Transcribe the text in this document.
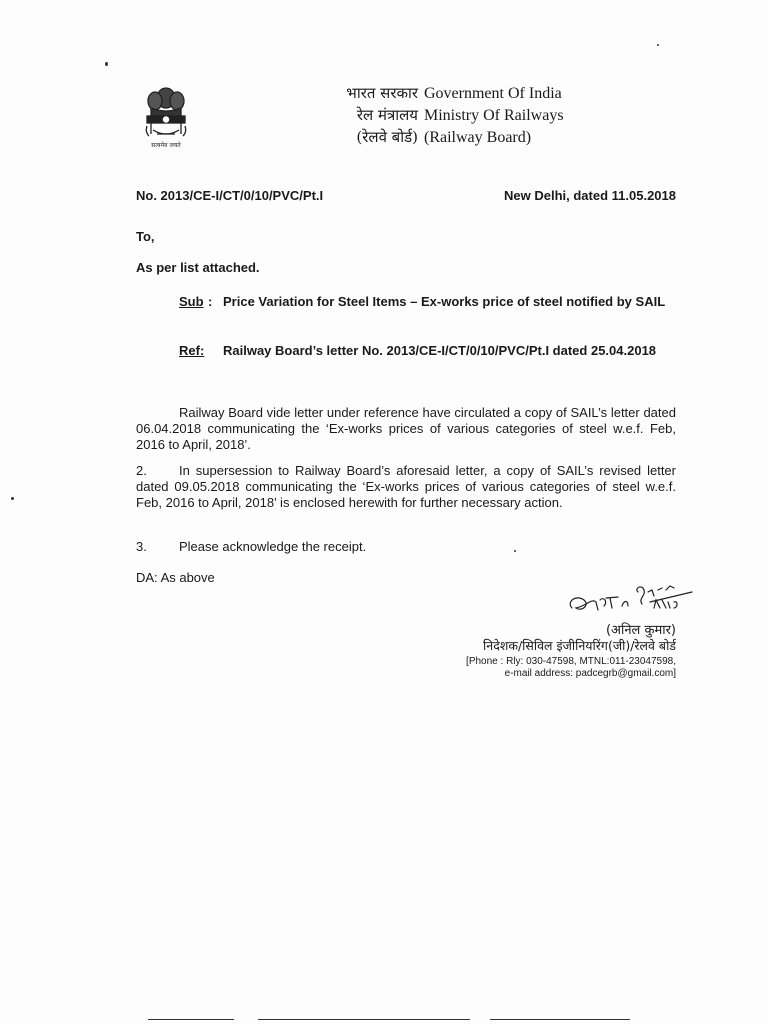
सत्यमेव जयते
भारत सरकार Government Of India
रेल मंत्रालय Ministry Of Railways
(रेलवे बोर्ड) (Railway Board)
No. 2013/CE-I/CT/0/10/PVC/Pt.I	New Delhi, dated 11.05.2018
To,
As per list attached.
Sub : Price Variation for Steel Items – Ex-works price of steel notified by SAIL
Ref: Railway Board’s letter No. 2013/CE-I/CT/0/10/PVC/Pt.I dated 25.04.2018
Railway Board vide letter under reference have circulated a copy of SAIL’s letter dated 06.04.2018 communicating the ‘Ex-works prices of various categories of steel w.e.f. Feb, 2016 to April, 2018’.
2.	In supersession to Railway Board’s aforesaid letter, a copy of SAIL’s revised letter dated 09.05.2018 communicating the ‘Ex-works prices of various categories of steel w.e.f. Feb, 2016 to April, 2018’ is enclosed herewith for further necessary action.
3. Please acknowledge the receipt.
DA: As above
(अनिल कुमार)
निदेशक/सिविल इंजीनियरिंग(जी)/रेलवे बोर्ड
[Phone : Rly: 030-47598, MTNL:011-23047598,
e-mail address: padcegrb@gmail.com]
